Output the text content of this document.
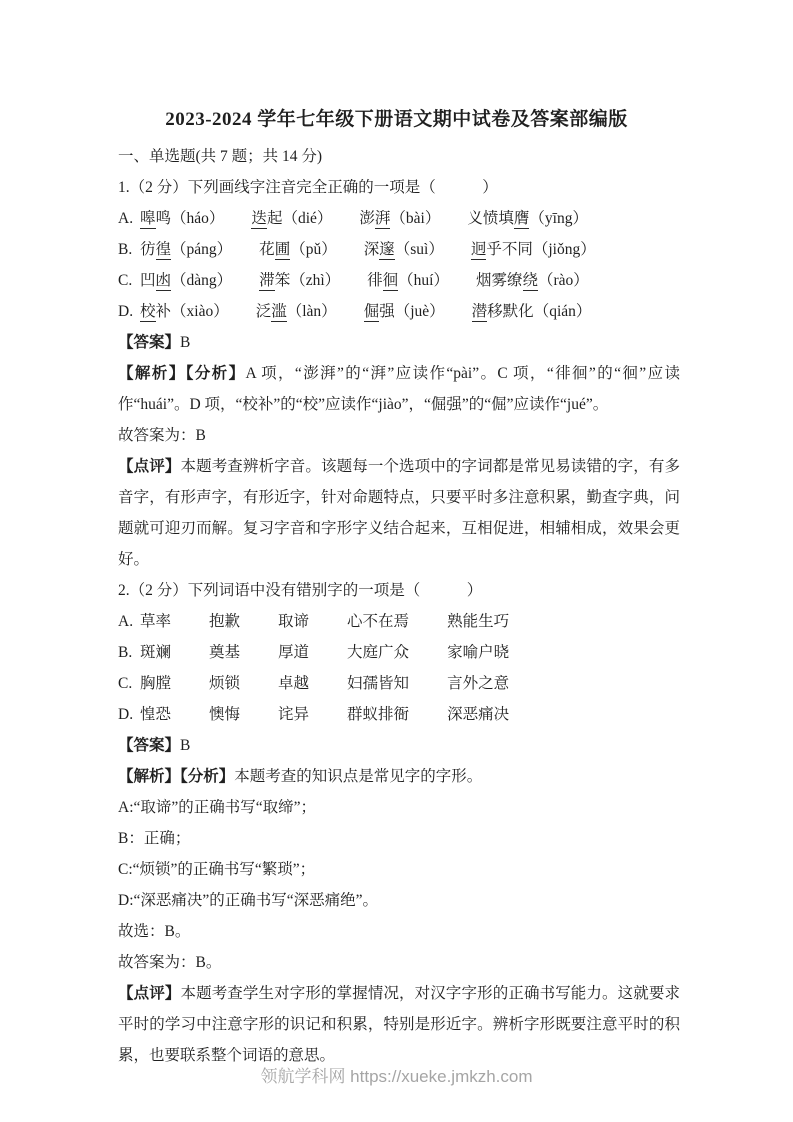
2023-2024 学年七年级下册语文期中试卷及答案部编版
一、单选题(共 7 题；共 14 分)

1.（2 分）下列画线字注音完全正确的一项是（　　　）

A. 嗥鸣（háo） 迭起（dié） 澎湃（bài） 义愤填膺（yīng）
B. 彷徨（páng） 花圃（pǔ） 深邃（suì） 迥乎不同（jiǒng）
C. 凹凼（dàng） 滞笨（zhì） 徘徊（huí） 烟雾缭绕（rào）
D. 校补（xiào） 泛滥（làn） 倔强（juè） 潜移默化（qián）

【答案】B

【解析】【分析】A 项，“澎湃”的“湃”应读作“pài”。C 项，“徘徊”的“徊”应读作“huái”。D 项，“校补”的“校”应读作“jiào”，“倔强”的“倔”应读作“jué”。

故答案为：B

【点评】本题考查辨析字音。该题每一个选项中的字词都是常见易读错的字，有多音字，有形声字，有形近字，针对命题特点，只要平时多注意积累，勤查字典，问题就可迎刃而解。复习字音和字形字义结合起来，互相促进，相辅相成，效果会更好。

2.（2 分）下列词语中没有错别字的一项是（　　　）

A. 草率 抱歉 取谛 心不在焉 熟能生巧
B. 斑斓 奠基 厚道 大庭广众 家喻户晓
C. 胸膛 烦锁 卓越 妇孺皆知 言外之意
D. 惶恐 懊悔 诧异 群蚁排衙 深恶痛决

【答案】B

【解析】【分析】本题考查的知识点是常见字的字形。

A:“取谛”的正确书写“取缔”；

B：正确；

C:“烦锁”的正确书写“繁琐”；

D:“深恶痛决”的正确书写“深恶痛绝”。

故选：B。

故答案为：B。

【点评】本题考查学生对字形的掌握情况，对汉字字形的正确书写能力。这就要求平时的学习中注意字形的识记和积累，特别是形近字。辨析字形既要注意平时的积累，也要联系整个词语的意思。

领航学科网 https://xueke.jmkzh.com
